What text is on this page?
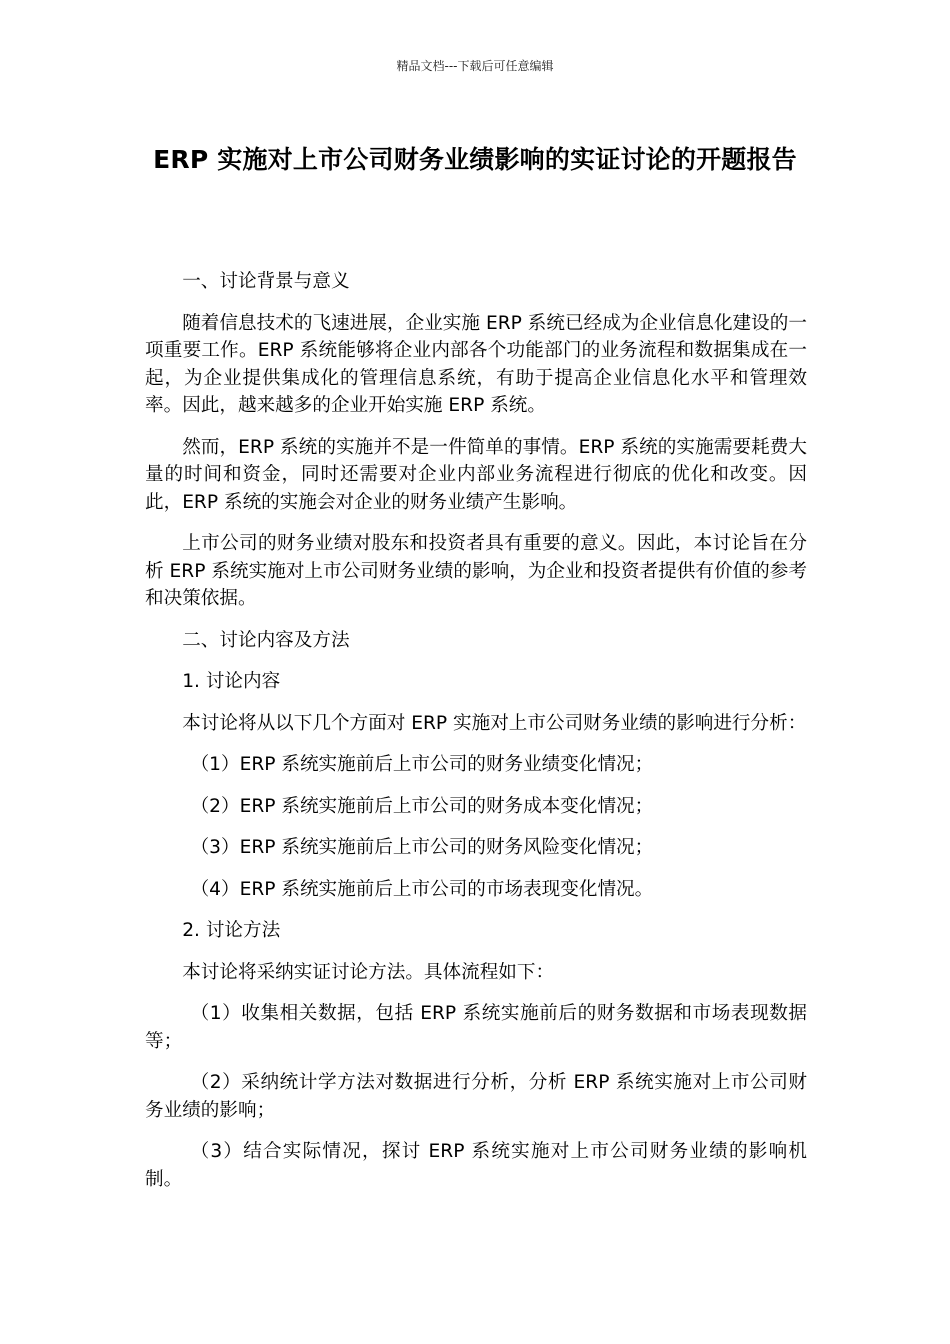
精品文档---下载后可任意编辑
ERP 实施对上市公司财务业绩影响的实证讨论的开题报告

一、讨论背景与意义

随着信息技术的飞速进展，企业实施 ERP 系统已经成为企业信息化建设的一项重要工作。ERP 系统能够将企业内部各个功能部门的业务流程和数据集成在一起，为企业提供集成化的管理信息系统，有助于提高企业信息化水平和管理效率。因此，越来越多的企业开始实施 ERP 系统。

然而，ERP 系统的实施并不是一件简单的事情。ERP 系统的实施需要耗费大量的时间和资金，同时还需要对企业内部业务流程进行彻底的优化和改变。因此，ERP 系统的实施会对企业的财务业绩产生影响。

上市公司的财务业绩对股东和投资者具有重要的意义。因此，本讨论旨在分析 ERP 系统实施对上市公司财务业绩的影响，为企业和投资者提供有价值的参考和决策依据。

二、讨论内容及方法

1. 讨论内容

本讨论将从以下几个方面对 ERP 实施对上市公司财务业绩的影响进行分析：

（1）ERP 系统实施前后上市公司的财务业绩变化情况；

（2）ERP 系统实施前后上市公司的财务成本变化情况；

（3）ERP 系统实施前后上市公司的财务风险变化情况；

（4）ERP 系统实施前后上市公司的市场表现变化情况。

2. 讨论方法

本讨论将采纳实证讨论方法。具体流程如下：

（1）收集相关数据，包括 ERP 系统实施前后的财务数据和市场表现数据等；

（2）采纳统计学方法对数据进行分析，分析 ERP 系统实施对上市公司财务业绩的影响；

（3）结合实际情况，探讨 ERP 系统实施对上市公司财务业绩的影响机制。
